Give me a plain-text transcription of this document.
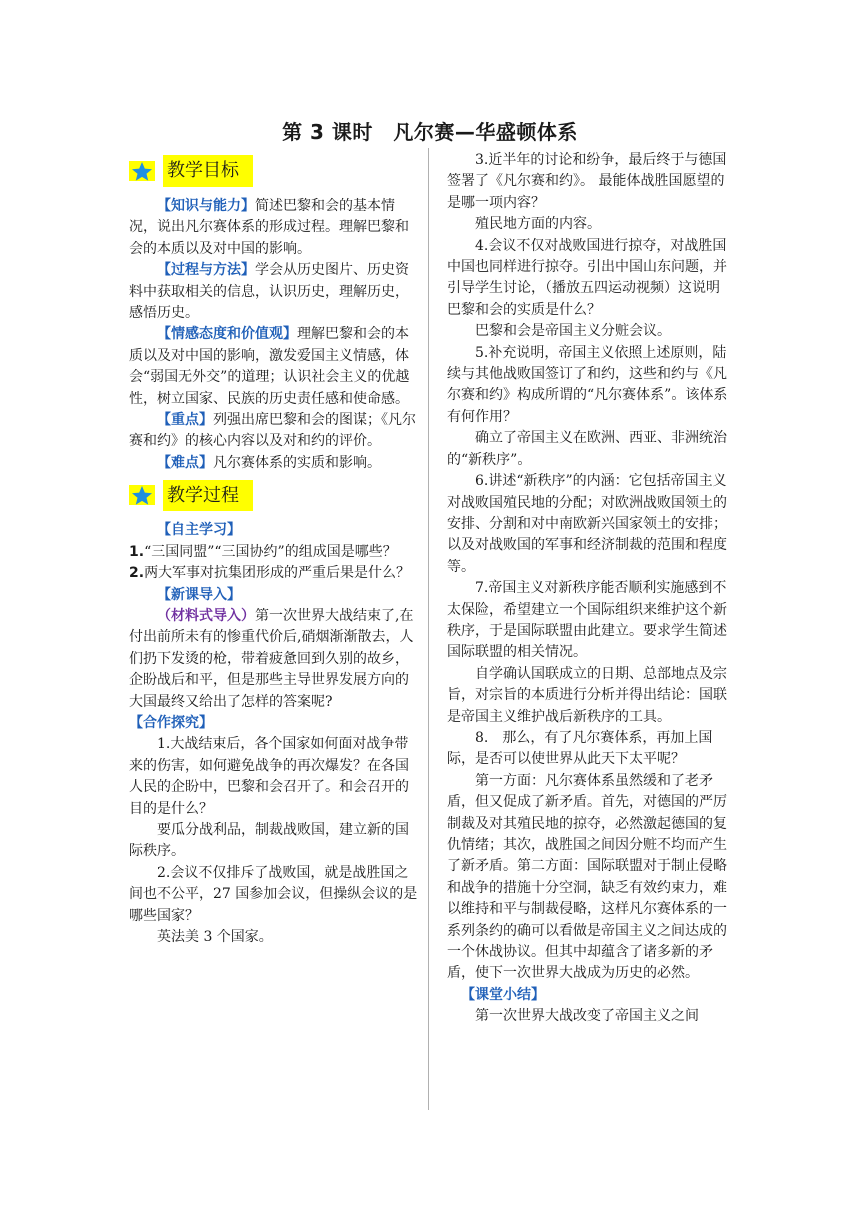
第 3 课时　凡尔赛—华盛顿体系
教学目标

【知识与能力】简述巴黎和会的基本情况，说出凡尔赛体系的形成过程。理解巴黎和会的本质以及对中国的影响。

【过程与方法】学会从历史图片、历史资料中获取相关的信息，认识历史，理解历史，感悟历史。

【情感态度和价值观】理解巴黎和会的本质以及对中国的影响，激发爱国主义情感，体会“弱国无外交”的道理；认识社会主义的优越性，树立国家、民族的历史责任感和使命感。

【重点】列强出席巴黎和会的图谋；《凡尔赛和约》的核心内容以及对和约的评价。

【难点】凡尔赛体系的实质和影响。

教学过程

【自主学习】

1.“三国同盟”“三国协约”的组成国是哪些？

2.两大军事对抗集团形成的严重后果是什么？

【新课导入】

（材料式导入）第一次世界大战结束了,在付出前所未有的惨重代价后,硝烟渐渐散去，人们扔下发烫的枪，带着疲惫回到久别的故乡，企盼战后和平，但是那些主导世界发展方向的大国最终又给出了怎样的答案呢?

【合作探究】

1.大战结束后，各个国家如何面对战争带来的伤害，如何避免战争的再次爆发？在各国人民的企盼中，巴黎和会召开了。和会召开的目的是什么？

要瓜分战利品，制裁战败国，建立新的国际秩序。

2.会议不仅排斥了战败国，就是战胜国之间也不公平，27 国参加会议，但操纵会议的是哪些国家？

英法美 3 个国家。

3.近半年的讨论和纷争，最后终于与德国签署了《凡尔赛和约》。 最能体战胜国愿望的是哪一项内容？

殖民地方面的内容。

4.会议不仅对战败国进行掠夺，对战胜国中国也同样进行掠夺。引出中国山东问题，并引导学生讨论，（播放五四运动视频）这说明巴黎和会的实质是什么？

巴黎和会是帝国主义分赃会议。

5.补充说明，帝国主义依照上述原则，陆续与其他战败国签订了和约，这些和约与《凡尔赛和约》构成所谓的“凡尔赛体系”。该体系有何作用？

确立了帝国主义在欧洲、西亚、非洲统治的“新秩序”。

6.讲述“新秩序”的内涵：它包括帝国主义对战败国殖民地的分配；对欧洲战败国领土的安排、分割和对中南欧新兴国家领土的安排；以及对战败国的军事和经济制裁的范围和程度等。

7.帝国主义对新秩序能否顺利实施感到不太保险，希望建立一个国际组织来维护这个新秩序，于是国际联盟由此建立。要求学生简述国际联盟的相关情况。

自学确认国联成立的日期、总部地点及宗旨，对宗旨的本质进行分析并得出结论：国联是帝国主义维护战后新秩序的工具。

8.　那么，有了凡尔赛体系，再加上国际，是否可以使世界从此天下太平呢？

第一方面：凡尔赛体系虽然缓和了老矛盾，但又促成了新矛盾。首先，对德国的严厉制裁及对其殖民地的掠夺，必然激起德国的复仇情绪；其次，战胜国之间因分赃不均而产生了新矛盾。第二方面：国际联盟对于制止侵略和战争的措施十分空洞，缺乏有效约束力，难以维持和平与制裁侵略，这样凡尔赛体系的一系列条约的确可以看做是帝国主义之间达成的一个休战协议。但其中却蕴含了诸多新的矛盾，使下一次世界大战成为历史的必然。

【课堂小结】

第一次世界大战改变了帝国主义之间
